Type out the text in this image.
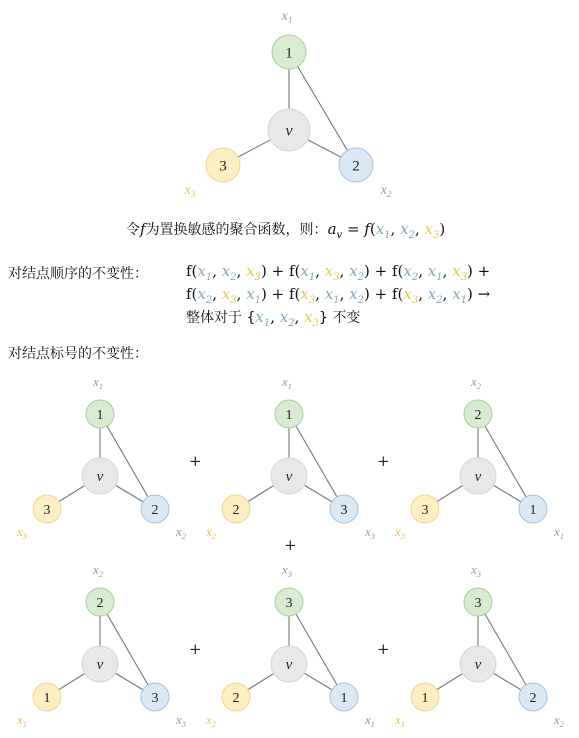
v
1
$x_1$
3
$x_3$
2
$x_2$
令f为置换敏感的聚合函数，则：$a_v = f(x_1$, $x_2$, $x_3$)
对结点顺序的不变性：	$f(x_1$, $x_2$, $x_3) + f(x_1$, $x_3$, $x_2) + f(x_2$, $x_1$, $x_3$) +
$f(x_2$, $x_3$, $x_1) + f(x_3$, $x_1$, $x_2) + f(x_3$, $x_2$, $x_1$) →
整体对于 {$x_1$, $x_2$, $x_3$} 不变
对结点标号的不变性：
v
1
$x_1$
3
$x_3$
2
$x_2$
v
1
$x_1$
2
$x_2$
3
$x_3$
v
2
$x_2$
3
$x_3$
1
$x_1$
v
2
$x_2$
1
$x_1$
3
$x_3$
v
3
$x_3$
2
$x_2$
1
$x_1$
v
3
$x_3$
1
$x_1$
2
$x_2$
+	+
+
+	+
